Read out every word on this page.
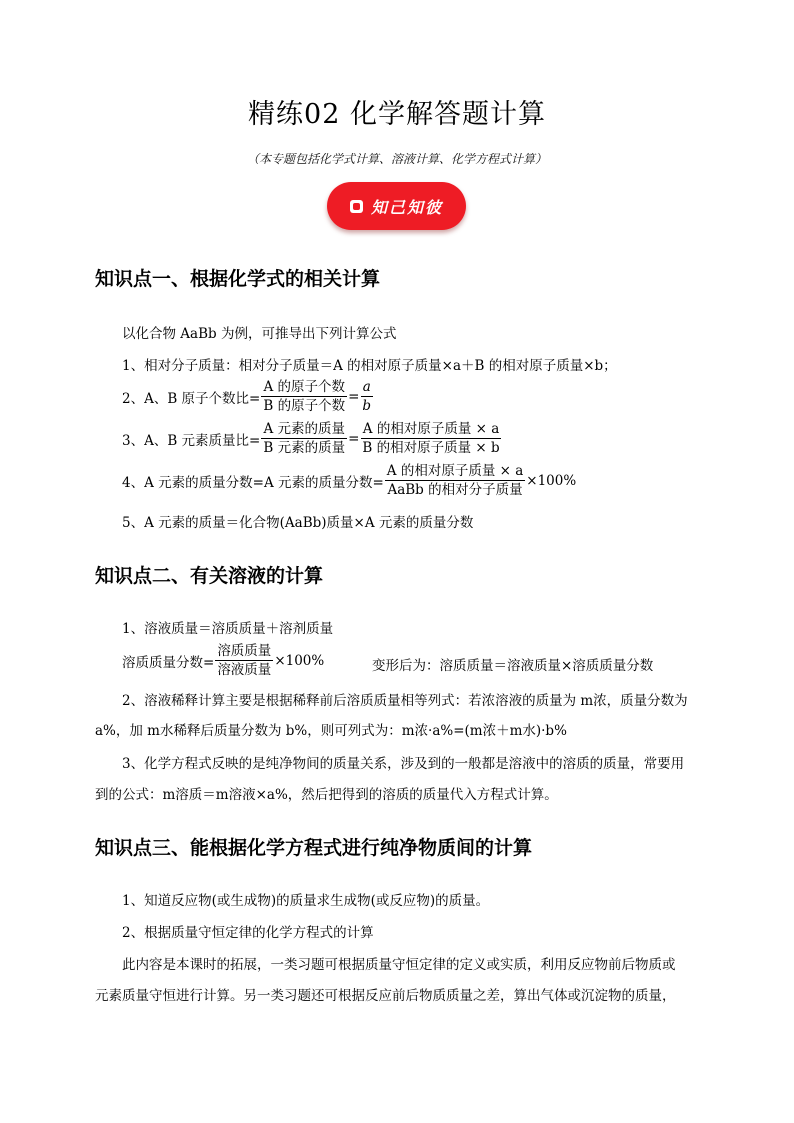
精练02 化学解答题计算
（本专题包括化学式计算、溶液计算、化学方程式计算）
知己知彼
知识点一、根据化学式的相关计算
以化合物 AaBb 为例，可推导出下列计算公式
1、相对分子质量：相对分子质量＝A 的相对原子质量×a＋B 的相对原子质量×b；
2、A、B 原子个数比= $\frac{\text{A 的原子个数}}{\text{B 的原子个数}} = \frac{a}{b}$
3、A、B 元素质量比= $\frac{\text{A 元素的质量}}{\text{B 元素的质量}} = \frac{\text{A 的相对原子质量 × a}}{\text{B 的相对原子质量 × b}}$
4、A 元素的质量分数=A 元素的质量分数= $\frac{\text{A 的相对原子质量 × a}}{\text{AaBb 的相对分子质量}} \times 100\%$
5、A 元素的质量＝化合物(AaBb)质量×A 元素的质量分数
知识点二、有关溶液的计算
1、溶液质量＝溶质质量＋溶剂质量
溶质质量分数= $\frac{\text{溶质质量}}{\text{溶液质量}} \times 100\%$	变形后为：溶质质量＝溶液质量×溶质质量分数
2、溶液稀释计算主要是根据稀释前后溶质质量相等列式：若浓溶液的质量为 m浓，质量分数为
a%，加 m水稀释后质量分数为 b%，则可列式为：m浓·a%=(m浓＋m水)·b%
3、化学方程式反映的是纯净物间的质量关系，涉及到的一般都是溶液中的溶质的质量，常要用
到的公式：m溶质＝m溶液×a%，然后把得到的溶质的质量代入方程式计算。
知识点三、能根据化学方程式进行纯净物质间的计算
1、知道反应物(或生成物)的质量求生成物(或反应物)的质量。
2、根据质量守恒定律的化学方程式的计算
此内容是本课时的拓展，一类习题可根据质量守恒定律的定义或实质，利用反应物前后物质或
元素质量守恒进行计算。另一类习题还可根据反应前后物质质量之差，算出气体或沉淀物的质量，
